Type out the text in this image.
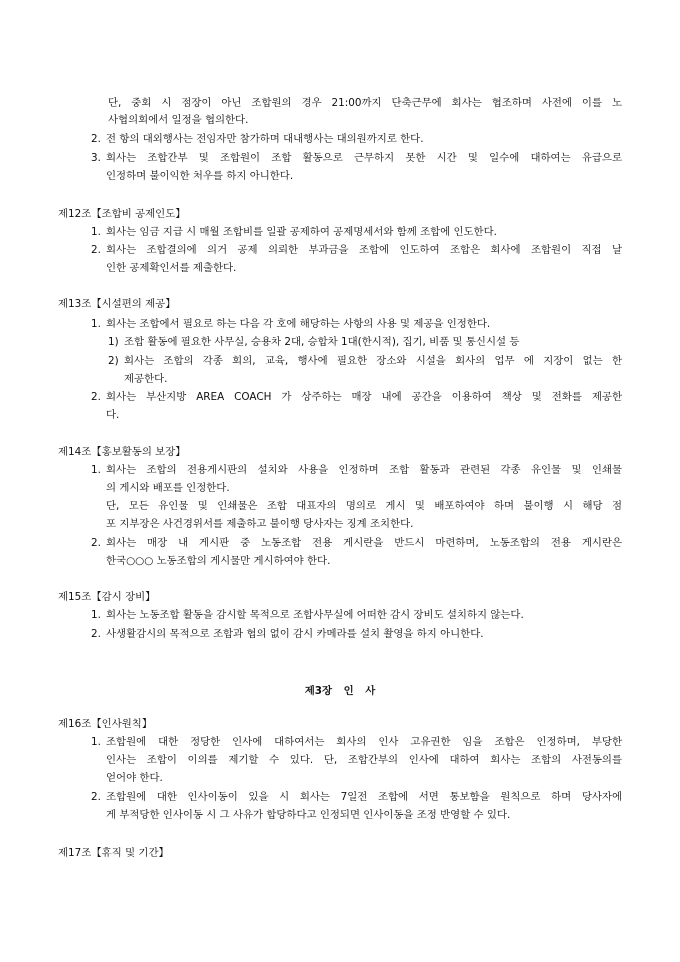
단, 중회 시 점장이 아닌 조합원의 경우 21:00까지 단축근무에 회사는 협조하며 사전에 이를 노
사협의회에서 일정을 협의한다.
2. 전 항의 대외행사는 전임자만 참가하며 대내행사는 대의원까지로 한다.
3. 회사는 조합간부 및 조합원이 조합 활동으로 근무하지 못한 시간 및 일수에 대하여는 유급으로
인정하며 불이익한 처우를 하지 아니한다.
제12조【조합비 공제인도】
1. 회사는 임금 지급 시 매월 조합비를 일괄 공제하여 공제명세서와 함께 조합에 인도한다.
2. 회사는 조합결의에 의거 공제 의뢰한 부과금을 조합에 인도하여 조합은 회사에 조합원이 직접 날
인한 공제확인서를 제출한다.
제13조【시설편의 제공】
1. 회사는 조합에서 필요로 하는 다음 각 호에 해당하는 사항의 사용 및 제공을 인정한다.
1) 조합 활동에 필요한 사무실, 승용차 2대, 승합차 1대(한시적), 집기, 비품 및 통신시설 등
2) 회사는 조합의 각종 회의, 교육, 행사에 필요한 장소와 시설을 회사의 업무 에 지장이 없는 한
제공한다.
2. 회사는 부산지방 AREA COACH 가 상주하는 매장 내에 공간을 이용하여 책상 및 전화를 제공한
다.
제14조【홍보활동의 보장】
1. 회사는 조합의 전용게시판의 설치와 사용을 인정하며 조합 활동과 관련된 각종 유인물 및 인쇄물
의 게시와 배포를 인정한다.
단, 모든 유인물 및 인쇄물은 조합 대표자의 명의로 게시 및 배포하여야 하며 불이행 시 해당 점
포 지부장은 사건경위서를 제출하고 불이행 당사자는 징계 조치한다.
2. 회사는 매장 내 게시판 중 노동조합 전용 게시란을 반드시 마련하며, 노동조합의 전용 게시란은
한국○○○ 노동조합의 게시물만 게시하여야 한다.
제15조【감시 장비】
1. 회사는 노동조합 활동을 감시할 목적으로 조합사무실에 어떠한 감시 장비도 설치하지 않는다.
2. 사생활감시의 목적으로 조합과 협의 없이 감시 카메라를 설치 촬영을 하지 아니한다.
제3장 인 사
제16조【인사원칙】
1. 조합원에 대한 정당한 인사에 대하여서는 회사의 인사 고유권한 임을 조합은 인정하며, 부당한
인사는 조합이 이의를 제기할 수 있다. 단, 조합간부의 인사에 대하여 회사는 조합의 사전동의를
얻어야 한다.
2. 조합원에 대한 인사이동이 있을 시 회사는 7일전 조합에 서면 통보함을 원칙으로 하며 당사자에
게 부적당한 인사이동 시 그 사유가 합당하다고 인정되면 인사이동을 조정 반영할 수 있다.
제17조【휴직 및 기간】
